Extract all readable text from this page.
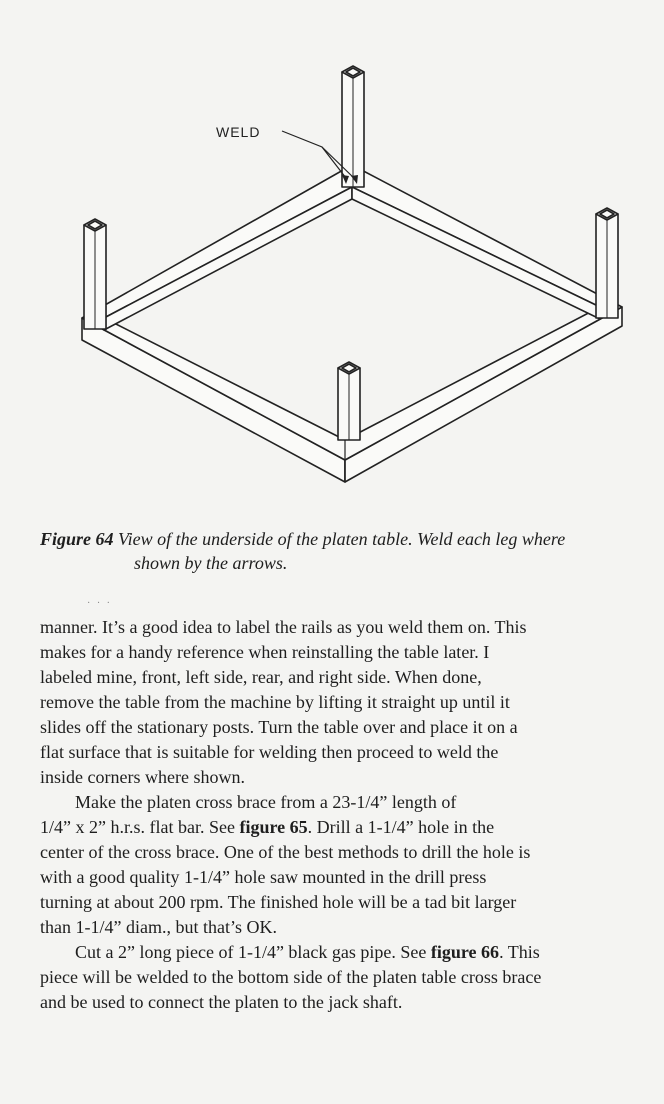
WELD
Figure 64 View of the underside of the platen table. Weld each leg where
shown by the arrows.
· · ·
manner. It’s a good idea to label the rails as you weld them on. This
makes for a handy reference when reinstalling the table later. I
labeled mine, front, left side, rear, and right side. When done,
remove the table from the machine by lifting it straight up until it
slides off the stationary posts. Turn the table over and place it on a
flat surface that is suitable for welding then proceed to weld the
inside corners where shown.
Make the platen cross brace from a 23-1/4” length of
1/4” x 2” h.r.s. flat bar. See figure 65. Drill a 1-1/4” hole in the
center of the cross brace. One of the best methods to drill the hole is
with a good quality 1-1/4” hole saw mounted in the drill press
turning at about 200 rpm. The finished hole will be a tad bit larger
than 1-1/4” diam., but that’s OK.
Cut a 2” long piece of 1-1/4” black gas pipe. See figure 66. This
piece will be welded to the bottom side of the platen table cross brace
and be used to connect the platen to the jack shaft.
